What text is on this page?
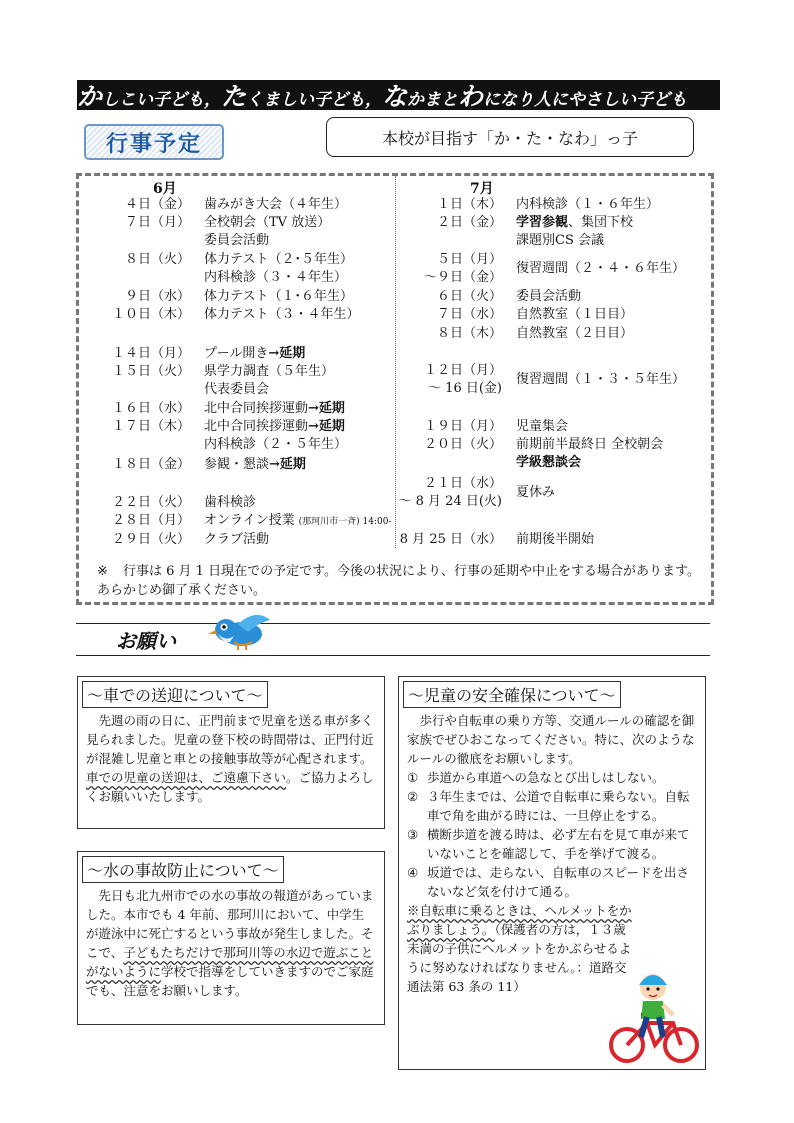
かしこい子ども， たくましい子ども， なかまと わになり人にやさしい子ども
行事予定	本校が目指す「か・た・なわ」っ子
6月	7月
４日（金） 歯みがき大会（４年生）
７日（月） 全校朝会（TV 放送）
委員会活動
８日（火） 体力テスト（２･５年生）
内科検診（３・４年生）
９日（水） 体力テスト（１･６年生）
１０日（木） 体力テスト（３・４年生）
１４日（月） プール開き→延期
１５日（火） 県学力調査（５年生）
代表委員会
１６日（水） 北中合同挨拶運動→延期
１７日（木） 北中合同挨拶運動→延期
内科検診（２・５年生）
１８日（金） 参観・懇談→延期
２２日（火） 歯科検診
２８日（月） オンライン授業 (那珂川市一斉) 14:00-
２９日（火） クラブ活動
１日（木） 内科検診（１・６年生）
２日（金） 学習参観、集団下校
課題別CS 会議
５日（月）
～９日（金）
復習週間（２・４・６年生）
６日（火） 委員会活動
７日（水） 自然教室（１日目）
８日（木） 自然教室（２日目）
１２日（月）
～ 16 日(金)
復習週間（１・３・５年生）
１９日（月） 児童集会
２０日（火） 前期前半最終日 全校朝会
学級懇談会
２１日（水）
～ 8 月 24 日(火)
夏休み
8 月 25 日（水） 前期後半開始
※ 行事は 6 月 1 日現在での予定です。今後の状況により、行事の延期や中止をする場合があります。あらかじめ御了承ください。
お願い
～車での送迎について～
先週の雨の日に、正門前まで児童を送る車が多く見られました。児童の登下校の時間帯は、正門付近が混雑し児童と車との接触事故等が心配されます。車での児童の送迎は、ご遠慮下さい。ご協力よろしくお願いいたします。
～水の事故防止について～
先日も北九州市での水の事故の報道があっていました。本市でも 4 年前、那珂川において、中学生が遊泳中に死亡するという事故が発生しました。そこで、子どもたちだけで那珂川等の水辺で遊ぶことがないように学校で指導をしていきますのでご家庭でも、注意をお願いします。
～児童の安全確保について～
歩行や自転車の乗り方等、交通ルールの確認を御家族でぜひおこなってください。特に、次のようなルールの徹底をお願いします。
① 歩道から車道への急なとび出しはしない。
② ３年生までは、公道で自転車に乗らない。自転車で角を曲がる時には、一旦停止をする。
③ 横断歩道を渡る時は、必ず左右を見て車が来ていないことを確認して、手を挙げて渡る。
④ 坂道では、走らない、自転車のスピードを出さないなど気を付けて通る。
※自転車に乗るときは、ヘルメットをかぶりましょう。（保護者の方は，１３歳未満の子供にヘルメットをかぶらせるように努めなければなりません。：道路交通法第 63 条の 11）
